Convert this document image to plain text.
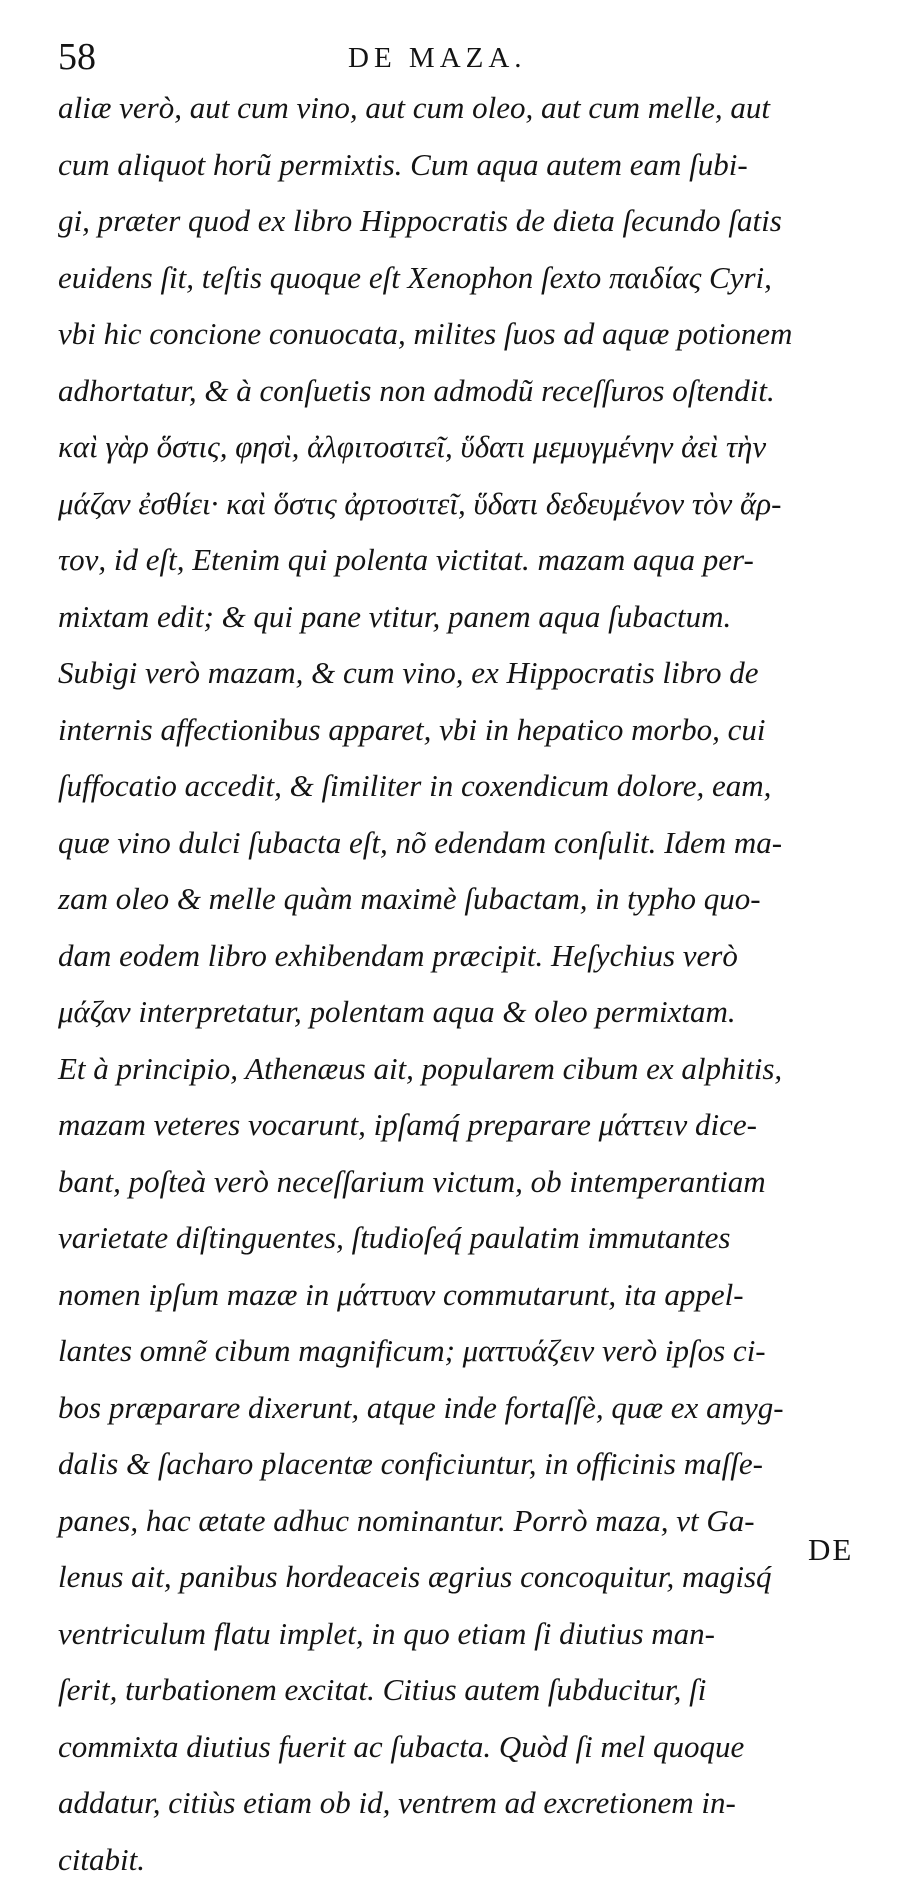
58	DE MAZA.
aliæ verò, aut cum vino, aut cum oleo, aut cum melle, aut
cum aliquot horũ permixtis. Cum aqua autem eam ſubi-
gi, præter quod ex libro Hippocratis de dieta ſecundo ſatis
euidens ſit, teſtis quoque eſt Xenophon ſexto παιδίας Cyri,
vbi hic concione conuocata, milites ſuos ad aquæ potionem
adhortatur, & à conſuetis non admodũ receſſuros oſtendit.
καὶ γὰρ ὅστις, φησὶ, ἀλφιτοσιτεῖ, ὕδατι μεμυγμένην ἀεὶ τὴν
μάζαν ἐσθίει· καὶ ὅστις ἀρτοσιτεῖ, ὕδατι δεδευμένον τὸν ἄρ-
τον, id eſt, Etenim qui polenta victitat. mazam aqua per-
mixtam edit; & qui pane vtitur, panem aqua ſubactum.
Subigi verò mazam, & cum vino, ex Hippocratis libro de
internis affectionibus apparet, vbi in hepatico morbo, cui
ſuffocatio accedit, & ſimiliter in coxendicum dolore, eam,
quæ vino dulci ſubacta eſt, nõ edendam conſulit. Idem ma-
zam oleo & melle quàm maximè ſubactam, in typho quo-
dam eodem libro exhibendam præcipit. Heſychius verò
μάζαν interpretatur, polentam aqua & oleo permixtam.
Et à principio, Athenæus ait, popularem cibum ex alphitis,
mazam veteres vocarunt, ipſamq́ preparare μάττειν dice-
bant, poſteà verò neceſſarium victum, ob intemperantiam
varietate diſtinguentes, ſtudioſeq́ paulatim immutantes
nomen ipſum mazæ in μάττυαν commutarunt, ita appel-
lantes omnẽ cibum magnificum; ματτυάζειν verò ipſos ci-
bos præparare dixerunt, atque inde fortaſſè, quæ ex amyg-
dalis & ſacharo placentæ conficiuntur, in officinis maſſe-
panes, hac ætate adhuc nominantur. Porrò maza, vt Ga-
lenus ait, panibus hordeaceis ægrius concoquitur, magisq́
ventriculum flatu implet, in quo etiam ſi diutius man-
ſerit, turbationem excitat. Citius autem ſubducitur, ſi
commixta diutius fuerit ac ſubacta. Quòd ſi mel quoque
addatur, citiùs etiam ob id, ventrem ad excretionem in-
citabit.
DE
